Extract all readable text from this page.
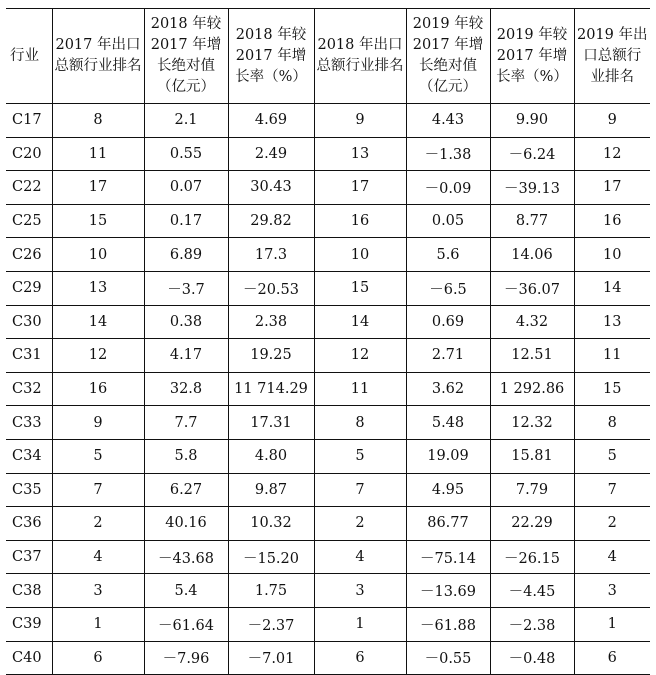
行业	2017 年出口总额行业排名	2018 年较2017 年增长绝对值（亿元）	2018 年较2017 年增长率（%）	2018 年出口总额行业排名	2019 年较2017 年增长绝对值（亿元）	2019 年较2017 年增长率（%）	2019 年出口总额行业排名
C17	8	2.1	4.69	9	4.43	9.90	9
C20	11	0.55	2.49	13	－1.38	－6.24	12
C22	17	0.07	30.43	17	－0.09	－39.13	17
C25	15	0.17	29.82	16	0.05	8.77	16
C26	10	6.89	17.3	10	5.6	14.06	10
C29	13	－3.7	－20.53	15	－6.5	－36.07	14
C30	14	0.38	2.38	14	0.69	4.32	13
C31	12	4.17	19.25	12	2.71	12.51	11
C32	16	32.8	11 714.29	11	3.62	1 292.86	15
C33	9	7.7	17.31	8	5.48	12.32	8
C34	5	5.8	4.80	5	19.09	15.81	5
C35	7	6.27	9.87	7	4.95	7.79	7
C36	2	40.16	10.32	2	86.77	22.29	2
C37	4	－43.68	－15.20	4	－75.14	－26.15	4
C38	3	5.4	1.75	3	－13.69	－4.45	3
C39	1	－61.64	－2.37	1	－61.88	－2.38	1
C40	6	－7.96	－7.01	6	－0.55	－0.48	6
